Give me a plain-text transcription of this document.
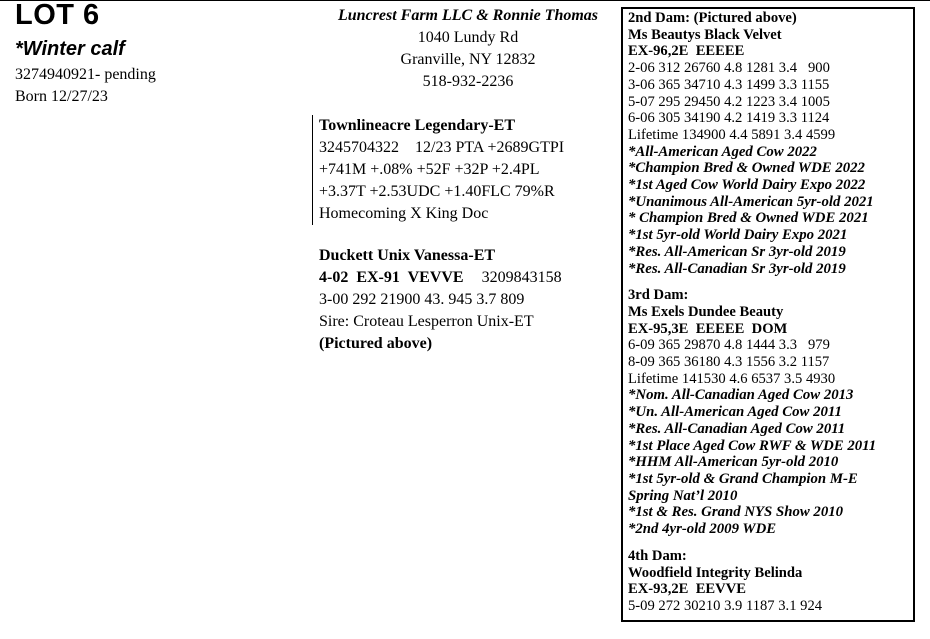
LOT 6
*Winter calf
3274940921- pending
Born 12/27/23
Luncrest Farm LLC & Ronnie Thomas
1040 Lundy Rd
Granville, NY 12832
518-932-2236
Townlineacre Legendary-ET
3245704322    12/23 PTA +2689GTPI
+741M +.08% +52F +32P +2.4PL
+3.37T +2.53UDC +1.40FLC 79%R
Homecoming X King Doc
Duckett Unix Vanessa-ET
4-02  EX-91  VEVVE 3209843158
3-00 292 21900 43. 945 3.7 809
Sire: Croteau Lesperron Unix-ET
(Pictured above)
2nd Dam: (Pictured above)
Ms Beautys Black Velvet
EX-96,2E  EEEEE
2-06 312 26760 4.8 1281 3.4   900
3-06 365 34710 4.3 1499 3.3 1155
5-07 295 29450 4.2 1223 3.4 1005
6-06 305 34190 4.2 1419 3.3 1124
Lifetime 134900 4.4 5891 3.4 4599
*All-American Aged Cow 2022
*Champion Bred & Owned WDE 2022
*1st Aged Cow World Dairy Expo 2022
*Unanimous All-American 5yr-old 2021
* Champion Bred & Owned WDE 2021
*1st 5yr-old World Dairy Expo 2021
*Res. All-American Sr 3yr-old 2019
*Res. All-Canadian Sr 3yr-old 2019
3rd Dam:
Ms Exels Dundee Beauty
EX-95,3E  EEEEE  DOM
6-09 365 29870 4.8 1444 3.3   979
8-09 365 36180 4.3 1556 3.2 1157
Lifetime 141530 4.6 6537 3.5 4930
*Nom. All-Canadian Aged Cow 2013
*Un. All-American Aged Cow 2011
*Res. All-Canadian Aged Cow 2011
*1st Place Aged Cow RWF & WDE 2011
*HHM All-American 5yr-old 2010
*1st 5yr-old & Grand Champion M-E
Spring Nat’l 2010
*1st & Res. Grand NYS Show 2010
*2nd 4yr-old 2009 WDE
4th Dam:
Woodfield Integrity Belinda
EX-93,2E  EEVVE
5-09 272 30210 3.9 1187 3.1 924
